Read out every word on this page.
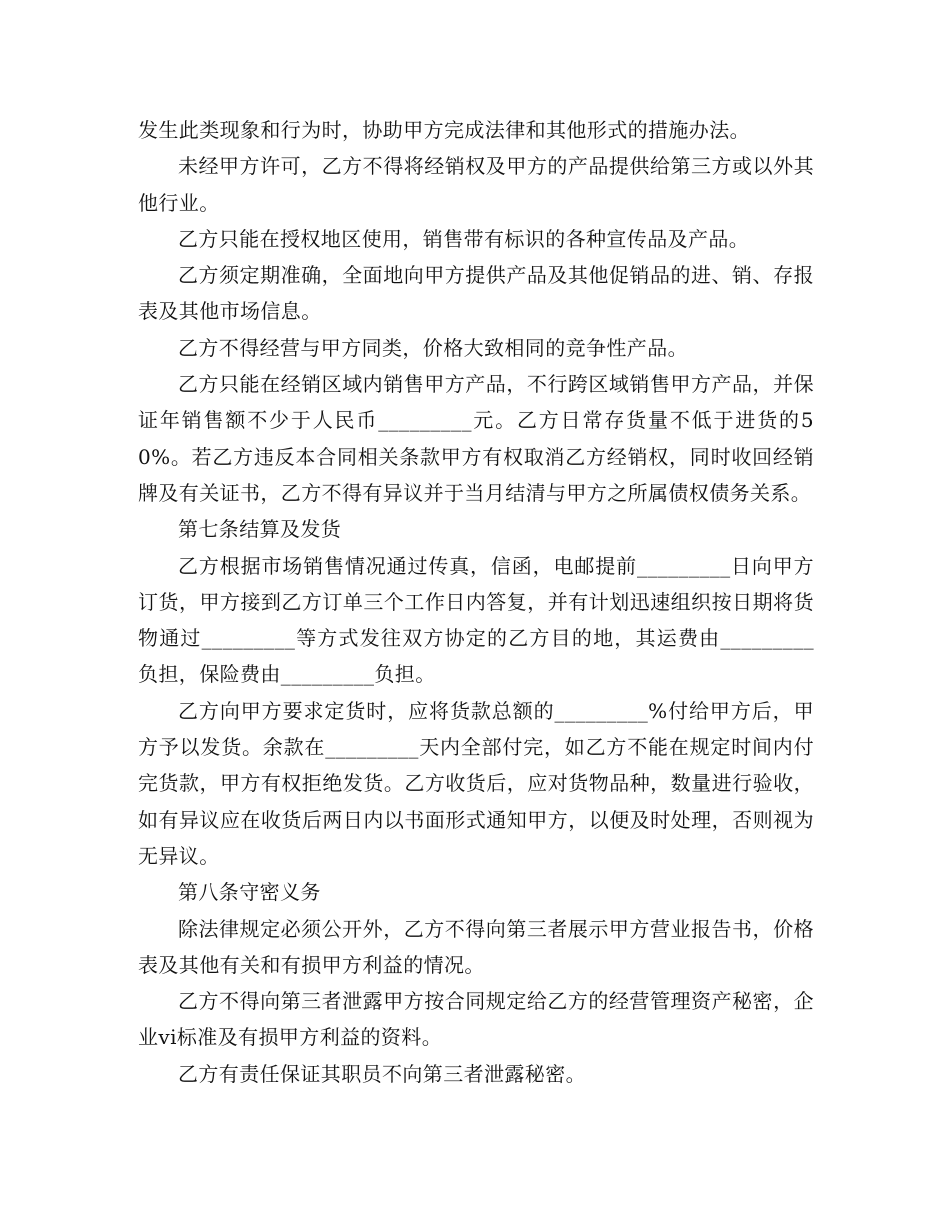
发生此类现象和行为时，协助甲方完成法律和其他形式的措施办法。

未经甲方许可，乙方不得将经销权及甲方的产品提供给第三方或以外其他行业。

乙方只能在授权地区使用，销售带有标识的各种宣传品及产品。

乙方须定期准确，全面地向甲方提供产品及其他促销品的进、销、存报表及其他市场信息。

乙方不得经营与甲方同类，价格大致相同的竞争性产品。

乙方只能在经销区域内销售甲方产品，不行跨区域销售甲方产品，并保证年销售额不少于人民币_________元。乙方日常存货量不低于进货的50%。若乙方违反本合同相关条款甲方有权取消乙方经销权，同时收回经销牌及有关证书，乙方不得有异议并于当月结清与甲方之所属债权债务关系。

第七条结算及发货

乙方根据市场销售情况通过传真，信函，电邮提前_________日向甲方订货，甲方接到乙方订单三个工作日内答复，并有计划迅速组织按日期将货物通过_________等方式发往双方协定的乙方目的地，其运费由_________负担，保险费由_________负担。

乙方向甲方要求定货时，应将货款总额的_________%付给甲方后，甲方予以发货。余款在_________天内全部付完，如乙方不能在规定时间内付完货款，甲方有权拒绝发货。乙方收货后，应对货物品种，数量进行验收，如有异议应在收货后两日内以书面形式通知甲方，以便及时处理，否则视为无异议。

第八条守密义务

除法律规定必须公开外，乙方不得向第三者展示甲方营业报告书，价格表及其他有关和有损甲方利益的情况。

乙方不得向第三者泄露甲方按合同规定给乙方的经营管理资产秘密，企业vi标准及有损甲方利益的资料。

乙方有责任保证其职员不向第三者泄露秘密。
